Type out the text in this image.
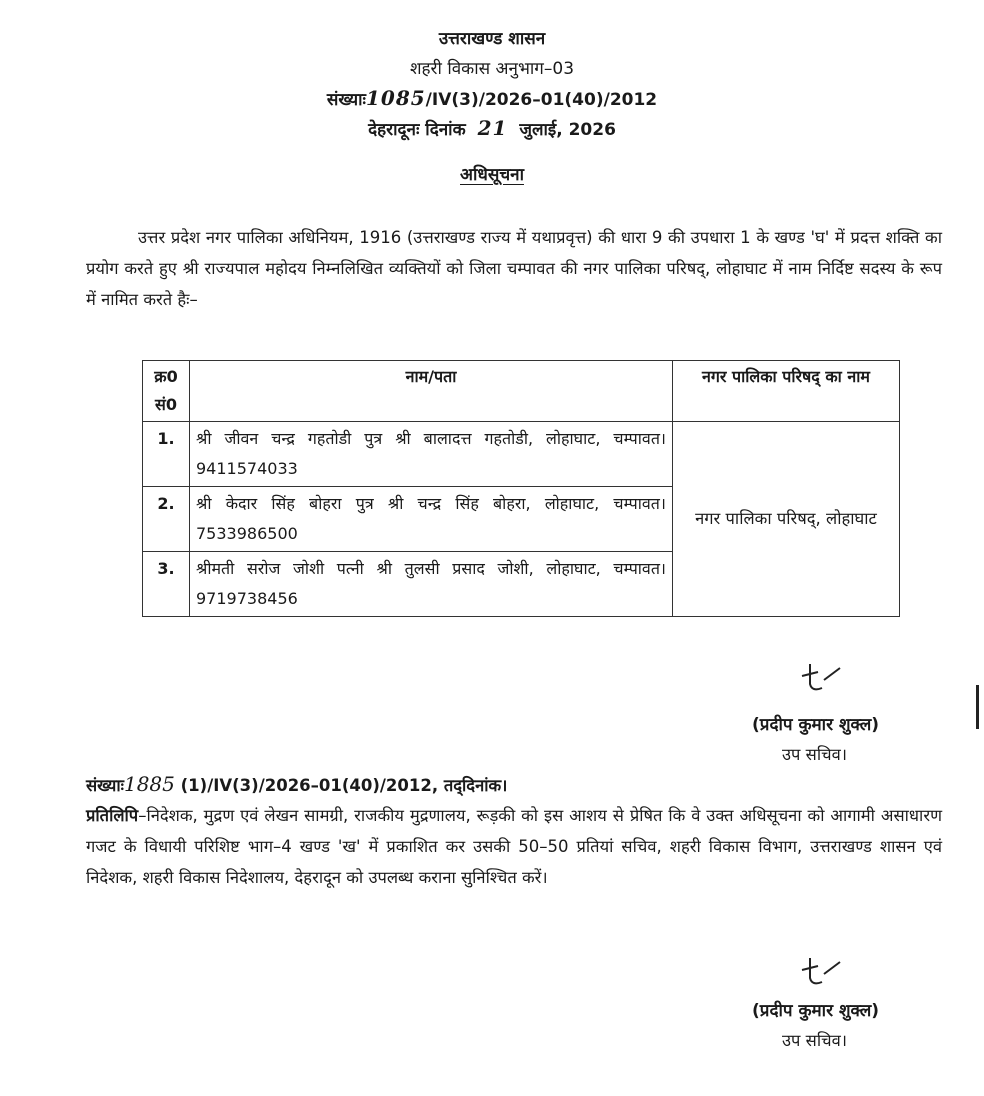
उत्तराखण्ड शासन
शहरी विकास अनुभाग–03
संख्याः1085/IV(3)/2026–01(40)/2012
देहरादूनः दिनांक 21 जुलाई, 2026
अधिसूचना
उत्तर प्रदेश नगर पालिका अधिनियम, 1916 (उत्तराखण्ड राज्य में यथाप्रवृत्त) की धारा 9 की उपधारा 1 के खण्ड 'घ' में प्रदत्त शक्ति का प्रयोग करते हुए श्री राज्यपाल महोदय निम्नलिखित व्यक्तियों को जिला चम्पावत की नगर पालिका परिषद्, लोहाघाट में नाम निर्दिष्ट सदस्य के रूप में नामित करते हैः–
क्र0 सं0	नाम/पता	नगर पालिका परिषद् का नाम
1.	श्री जीवन चन्द्र गहतोडी पुत्र श्री बालादत्त गहतोडी, लोहाघाट, चम्पावत। 9411574033	नगर पालिका परिषद्, लोहाघाट
2.	श्री केदार सिंह बोहरा पुत्र श्री चन्द्र सिंह बोहरा, लोहाघाट, चम्पावत। 7533986500	
3.	श्रीमती सरोज जोशी पत्नी श्री तुलसी प्रसाद जोशी, लोहाघाट, चम्पावत। 9719738456	
(प्रदीप कुमार शुक्ल)
उप सचिव।
संख्याः1885 (1)/IV(3)/2026–01(40)/2012, तद्‌दिनांक।
प्रतिलिपि–निदेशक, मुद्रण एवं लेखन सामग्री, राजकीय मुद्रणालय, रूड़की को इस आशय से प्रेषित कि वे उक्त अधिसूचना को आगामी असाधारण गजट के विधायी परिशिष्ट भाग–4 खण्ड 'ख' में प्रकाशित कर उसकी 50–50 प्रतियां सचिव, शहरी विकास विभाग, उत्तराखण्ड शासन एवं निदेशक, शहरी विकास निदेशालय, देहरादून को उपलब्ध कराना सुनिश्चित करें।
(प्रदीप कुमार शुक्ल)
उप सचिव।
